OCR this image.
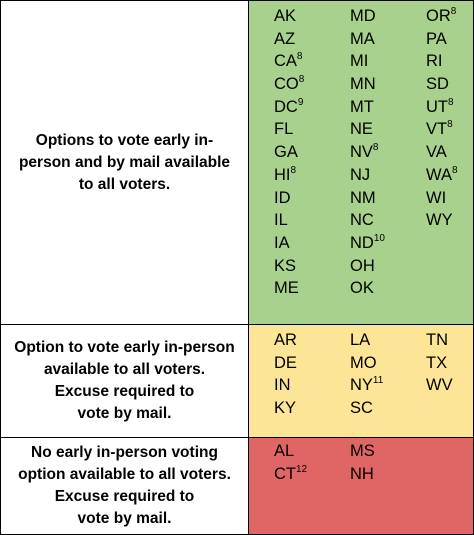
Options to vote early in-
person and by mail available
to all voters.
AK
AZ
$CA^8$
$CO^8$
$DC^9$
FL
GA
$HI^8$
ID
IL
IA
KS
ME
MD
MA
MI
MN
MT
NE
$NV^8$
NJ
NM
NC
ND$^{10}$
OH
OK
$OR^8$
PA
RI
SD
$UT^8$
$VT^8$
VA
$WA^8$
WI
WY
Option to vote early in-person
available to all voters.
Excuse required to
vote by mail.
AR
DE
IN
KY
LA
MO
NY$^{11}$
SC
TN
TX
WV
No early in-person voting
option available to all voters.
Excuse required to
vote by mail.
AL
CT$^{12}$
MS
NH
